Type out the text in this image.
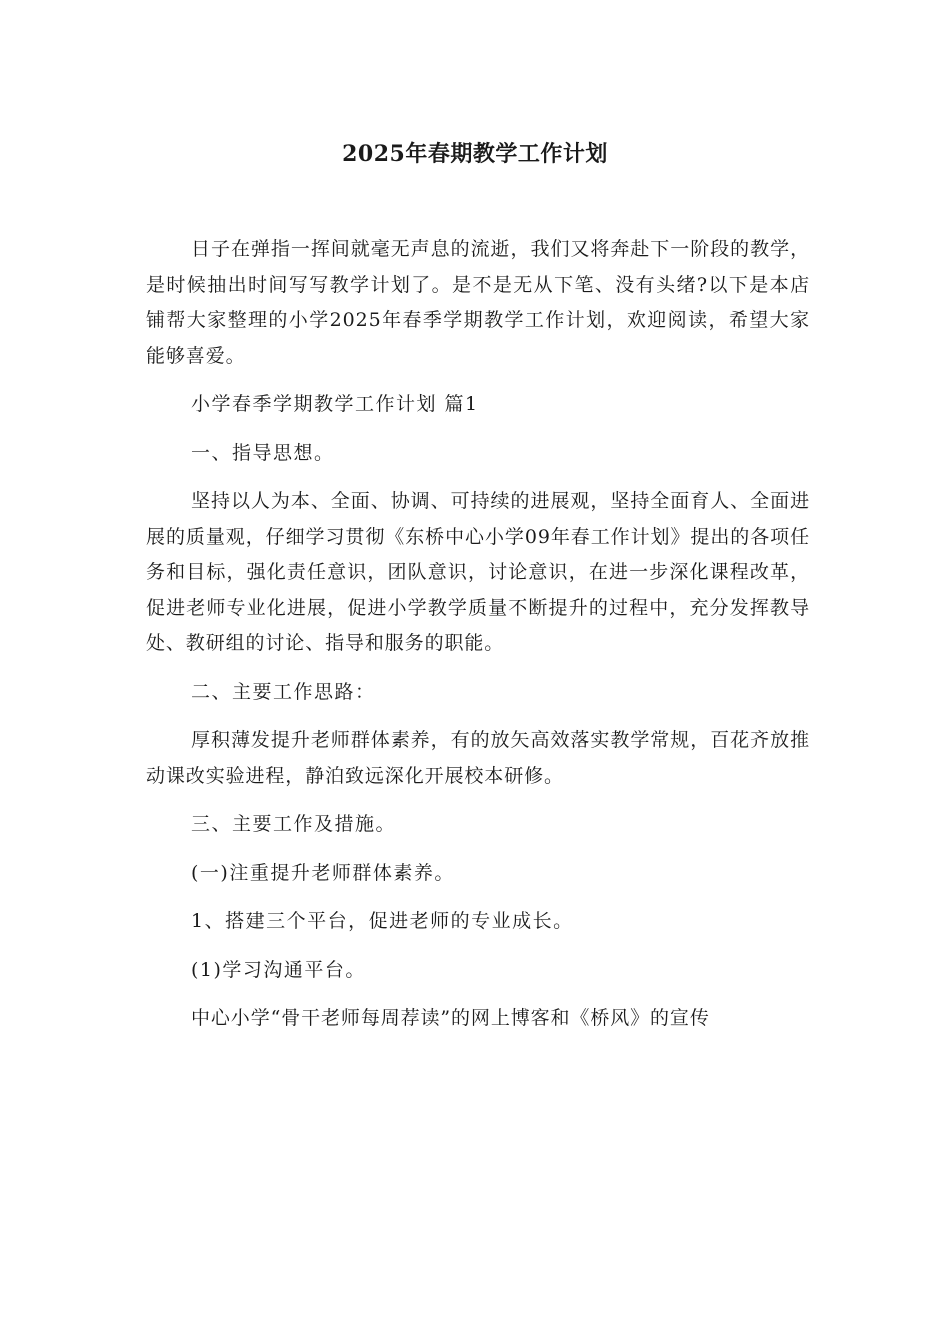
2025年春期教学工作计划

日子在弹指一挥间就毫无声息的流逝，我们又将奔赴下一阶段的教学，是时候抽出时间写写教学计划了。是不是无从下笔、没有头绪?以下是本店铺帮大家整理的小学2025年春季学期教学工作计划，欢迎阅读，希望大家能够喜爱。

小学春季学期教学工作计划 篇1

一、指导思想。

坚持以人为本、全面、协调、可持续的进展观，坚持全面育人、全面进展的质量观，仔细学习贯彻《东桥中心小学09年春工作计划》提出的各项任务和目标，强化责任意识，团队意识，讨论意识，在进一步深化课程改革，促进老师专业化进展，促进小学教学质量不断提升的过程中，充分发挥教导处、教研组的讨论、指导和服务的职能。

二、主要工作思路：

厚积薄发提升老师群体素养，有的放矢高效落实教学常规，百花齐放推动课改实验进程，静泊致远深化开展校本研修。

三、主要工作及措施。

(一)注重提升老师群体素养。

1、搭建三个平台，促进老师的专业成长。

(1)学习沟通平台。

中心小学“骨干老师每周荐读”的网上博客和《桥风》的宣传
